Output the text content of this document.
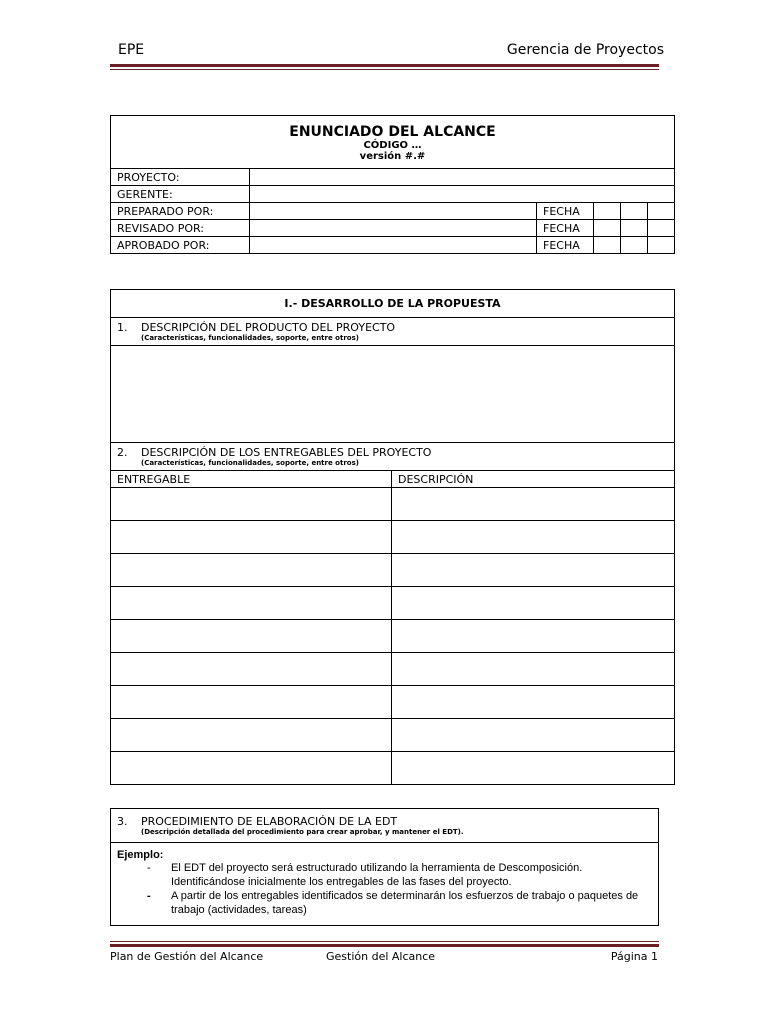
EPE	Gerencia de Proyectos
ENUNCIADO DEL ALCANCE
CÓDIGO …
versión #.#					

PROYECTO:					
GERENTE:					
PREPARADO POR:		FECHA			
REVISADO POR:		FECHA			
APROBADO POR:		FECHA			
I.- DESARROLLO DE LA PROPUESTA	
1. DESCRIPCIÓN DEL PRODUCTO DEL PROYECTO
(Características, funcionalidades, soporte, entre otros)	

2. DESCRIPCIÓN DE LOS ENTREGABLES DEL PROYECTO
(Características, funcionalidades, soporte, entre otros)	

ENTREGABLE	DESCRIPCIÓN

3. PROCEDIMIENTO DE ELABORACIÓN DE LA EDT
(Descripción detallada del procedimiento para crear aprobar, y mantener el EDT).

Ejemplo:
- El EDT del proyecto será estructurado utilizando la herramienta de Descomposición. Identificándose inicialmente los entregables de las fases del proyecto.
- A partir de los entregables identificados se determinarán los esfuerzos de trabajo o paquetes de trabajo (actividades, tareas)
Plan de Gestión del Alcance	Gestión del Alcance	Página 1
